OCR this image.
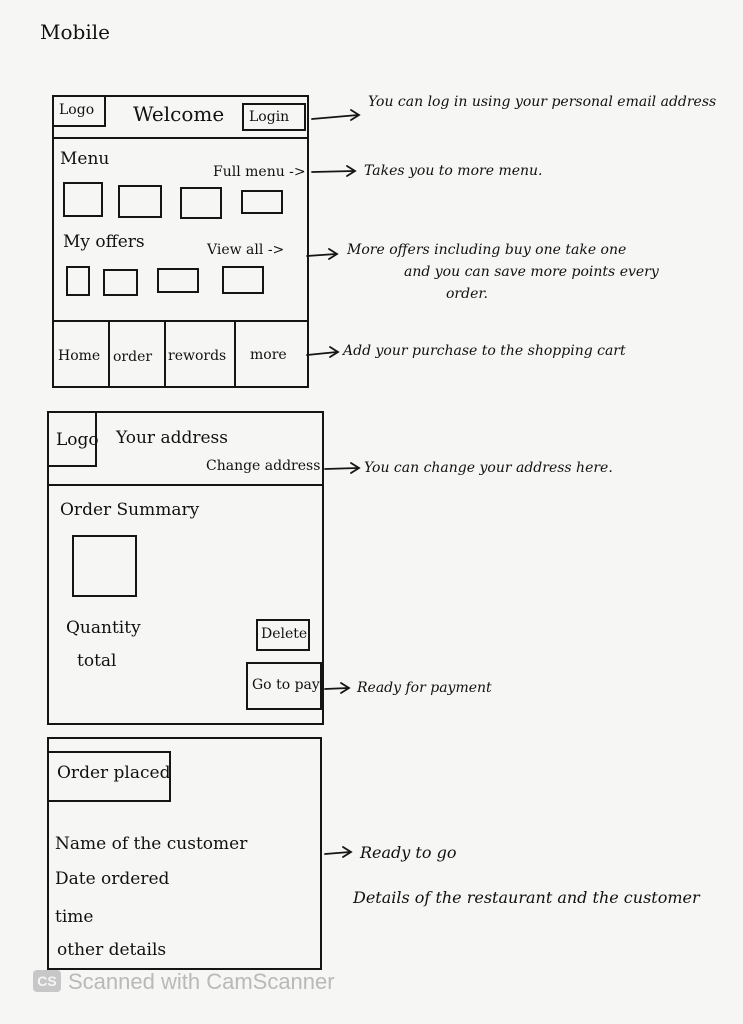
Mobile
Logo Welcome Login
Menu
Full menu ->
My offers	View all ->
Home order rewords more
Logo Your address
Change address
Order Summary
Quantity
total
Delete
Go to pay
Order placed
Name of the customer
Date ordered
time
other details
You can log in using your personal email address
Takes you to more menu.
More offers including buy one take one
and you can save more points every
order.
Add your purchase to the shopping cart
You can change your address here.
Ready for payment
Ready to go
Details of the restaurant and the customer
CS Scanned with CamScanner
